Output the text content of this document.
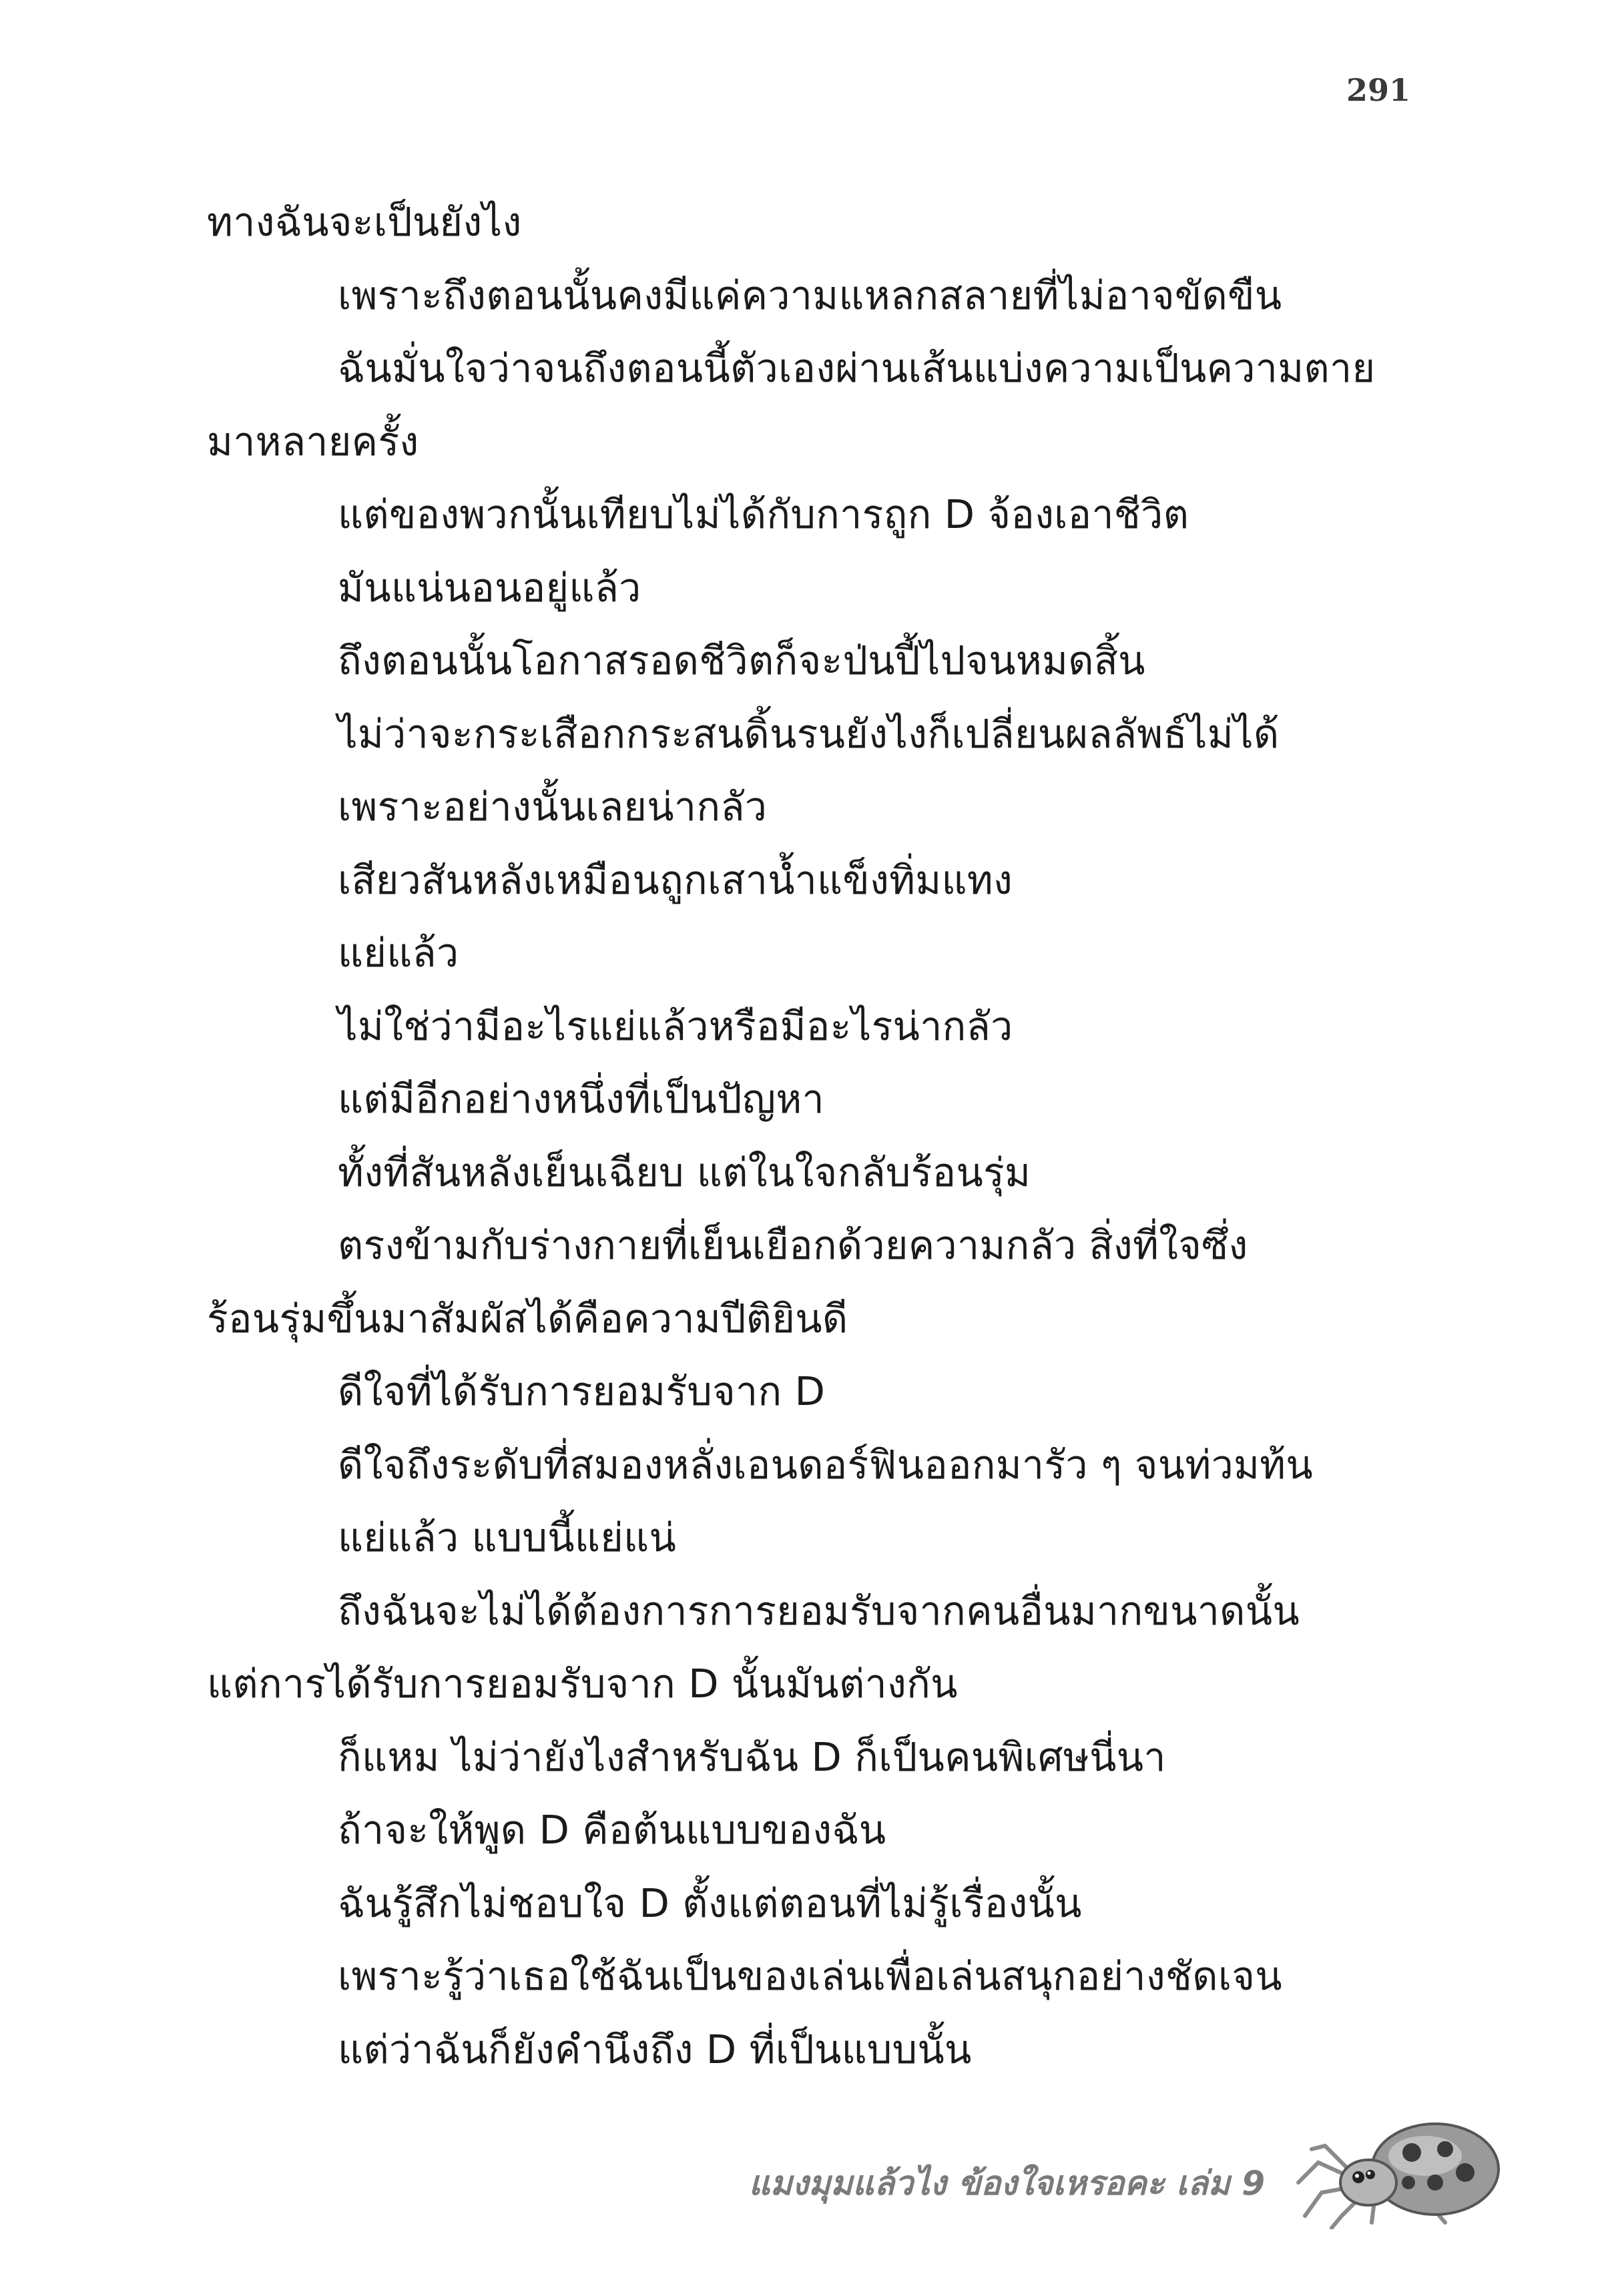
291
ทางฉันจะเป็นยังไง
เพราะถึงตอนนั้นคงมีแค่ความแหลกสลายที่ไม่อาจขัดขืน
ฉันมั่นใจว่าจนถึงตอนนี้ตัวเองผ่านเส้นแบ่งความเป็นความตาย
มาหลายครั้ง
แต่ของพวกนั้นเทียบไม่ได้กับการถูก D จ้องเอาชีวิต
มันแน่นอนอยู่แล้ว
ถึงตอนนั้นโอกาสรอดชีวิตก็จะป่นปี้ไปจนหมดสิ้น
ไม่ว่าจะกระเสือกกระสนดิ้นรนยังไงก็เปลี่ยนผลลัพธ์ไม่ได้
เพราะอย่างนั้นเลยน่ากลัว
เสียวสันหลังเหมือนถูกเสาน้ำแข็งทิ่มแทง
แย่แล้ว
ไม่ใช่ว่ามีอะไรแย่แล้วหรือมีอะไรน่ากลัว
แต่มีอีกอย่างหนึ่งที่เป็นปัญหา
ทั้งที่สันหลังเย็นเฉียบ แต่ในใจกลับร้อนรุ่ม
ตรงข้ามกับร่างกายที่เย็นเยือกด้วยความกลัว สิ่งที่ใจซึ่ง
ร้อนรุ่มขึ้นมาสัมผัสได้คือความปีติยินดี
ดีใจที่ได้รับการยอมรับจาก D
ดีใจถึงระดับที่สมองหลั่งเอนดอร์ฟินออกมารัว ๆ จนท่วมท้น
แย่แล้ว แบบนี้แย่แน่
ถึงฉันจะไม่ได้ต้องการการยอมรับจากคนอื่นมากขนาดนั้น
แต่การได้รับการยอมรับจาก D นั้นมันต่างกัน
ก็แหม ไม่ว่ายังไงสำหรับฉัน D ก็เป็นคนพิเศษนี่นา
ถ้าจะให้พูด D คือต้นแบบของฉัน
ฉันรู้สึกไม่ชอบใจ D ตั้งแต่ตอนที่ไม่รู้เรื่องนั้น
เพราะรู้ว่าเธอใช้ฉันเป็นของเล่นเพื่อเล่นสนุกอย่างชัดเจน
แต่ว่าฉันก็ยังคำนึงถึง D ที่เป็นแบบนั้น
แมงมุมแล้วไง ข้องใจเหรอคะ เล่ม 9
